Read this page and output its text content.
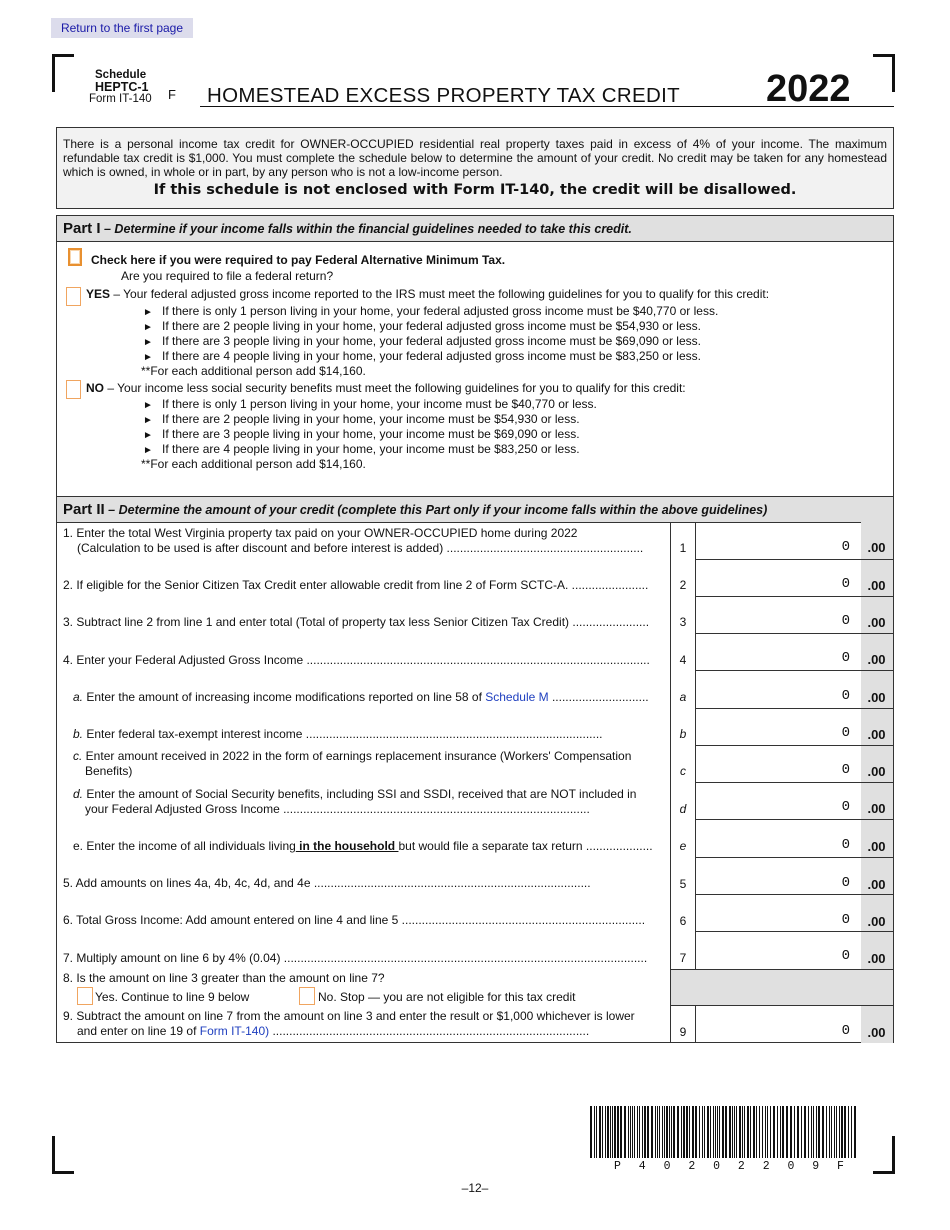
Return to the first page
Schedule
HEPTC-1
Form IT-140 F HOMESTEAD EXCESS PROPERTY TAX CREDIT 2022
There is a personal income tax credit for OWNER-OCCUPIED residential real property taxes paid in excess of 4% of your income. The maximum refundable tax credit is $1,000. You must complete the schedule below to determine the amount of your credit. No credit may be taken for any homestead which is owned, in whole or in part, by any person who is not a low-income person.
If this schedule is not enclosed with Form IT-140, the credit will be disallowed.
Part I – Determine if your income falls within the financial guidelines needed to take this credit.
Check here if you were required to pay Federal Alternative Minimum Tax.
Are you required to file a federal return?
YES – Your federal adjusted gross income reported to the IRS must meet the following guidelines for you to qualify for this credit:
► If there is only 1 person living in your home, your federal adjusted gross income must be $40,770 or less.
► If there are 2 people living in your home, your federal adjusted gross income must be $54,930 or less.
► If there are 3 people living in your home, your federal adjusted gross income must be $69,090 or less.
► If there are 4 people living in your home, your federal adjusted gross income must be $83,250 or less.
**For each additional person add $14,160.
NO – Your income less social security benefits must meet the following guidelines for you to qualify for this credit:
► If there is only 1 person living in your home, your income must be $40,770 or less.
► If there are 2 people living in your home, your income must be $54,930 or less.
► If there are 3 people living in your home, your income must be $69,090 or less.
► If there are 4 people living in your home, your income must be $83,250 or less.
**For each additional person add $14,160.
Part II – Determine the amount of your credit (complete this Part only if your income falls within the above guidelines)
1. Enter the total West Virginia property tax paid on your OWNER-OCCUPIED home during 2022
(Calculation to be used is after discount and before interest is added) ...........................................................	1	0	.00
2. If eligible for the Senior Citizen Tax Credit enter allowable credit from line 2 of Form SCTC-A. .......................	2	0	.00
3. Subtract line 2 from line 1 and enter total (Total of property tax less Senior Citizen Tax Credit) .......................	3	0	.00
4. Enter your Federal Adjusted Gross Income .......................................................................................................	4	0	.00
a. Enter the amount of increasing income modifications reported on line 58 of Schedule M .............................	a	0	.00
b. Enter federal tax-exempt interest income .........................................................................................	b	0	.00
c. Enter amount received in 2022 in the form of earnings replacement insurance (Workers' Compensation
Benefits)	c	0	.00
d. Enter the amount of Social Security benefits, including SSI and SSDI, received that are NOT included in
your Federal Adjusted Gross Income ............................................................................................	d	0	.00
e. Enter the income of all individuals living in the household but would file a separate tax return ....................	e	0	.00
5. Add amounts on lines 4a, 4b, 4c, 4d, and 4e ...................................................................................	5	0	.00
6. Total Gross Income: Add amount entered on line 4 and line 5 .........................................................................	6	0	.00
7. Multiply amount on line 6 by 4% (0.04) .............................................................................................................	7	0	.00
8. Is the amount on line 3 greater than the amount on line 7?
Yes. Continue to line 9 below	No. Stop — you are not eligible for this tax credit
9. Subtract the amount on line 7 from the amount on line 3 and enter the result or $1,000 whichever is lower
and enter on line 19 of Form IT-140) ...............................................................................................	9	0	.00
P 4 0 2 0 2 2 0 9 F
–12–
